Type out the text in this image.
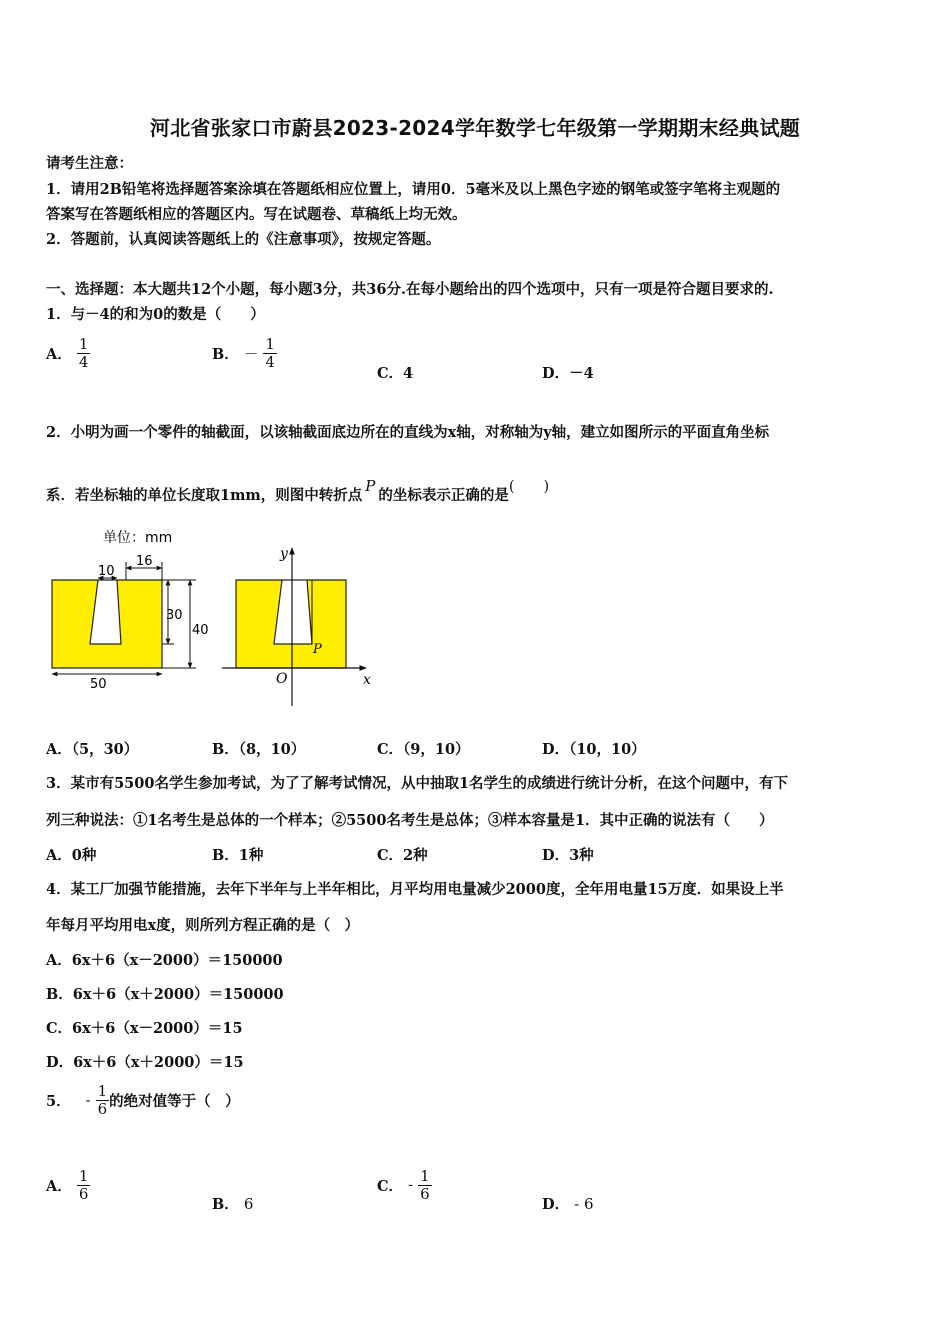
河北省张家口市蔚县2023-2024学年数学七年级第一学期期末经典试题
请考生注意：
1．请用2B铅笔将选择题答案涂填在答题纸相应位置上，请用0．5毫米及以上黑色字迹的钢笔或签字笔将主观题的
答案写在答题纸相应的答题区内。写在试题卷、草稿纸上均无效。
2．答题前，认真阅读答题纸上的《注意事项》，按规定答题。
一、选择题：本大题共12个小题，每小题3分，共36分.在每小题给出的四个选项中，只有一项是符合题目要求的.
1．与－4的和为0的数是（　　）
A． $\frac{1}{4}$	B． － $\frac{1}{4}$
C．4	D．－4
2．小明为画一个零件的轴截面，以该轴截面底边所在的直线为x轴，对称轴为y轴，建立如图所示的平面直角坐标
系．若坐标轴的单位长度取1mm，则图中转折点P的坐标表示正确的是(　　)
单位：mm
10
16
30
40
50
y
x
O
P
A．（5，30）	B．（8，10）	C．（9，10）	D．（10，10）
3．某市有5500名学生参加考试，为了了解考试情况，从中抽取1名学生的成绩进行统计分析，在这个问题中，有下
列三种说法：①1名考生是总体的一个样本；②5500名考生是总体；③样本容量是1．其中正确的说法有（　　）
A．0种	B．1种	C．2种	D．3种
4．某工厂加强节能措施，去年下半年与上半年相比，月平均用电量减少2000度，全年用电量15万度．如果设上半
年每月平均用电x度，则所列方程正确的是（　）
A．6x＋6（x－2000）＝150000
B．6x＋6（x＋2000）＝150000
C．6x＋6（x－2000）＝15
D．6x＋6（x＋2000）＝15
5． - $\frac{1}{6}$ 的绝对值等于（　）
A． $\frac{1}{6}$
B． 6
C． - $\frac{1}{6}$
D． - 6
